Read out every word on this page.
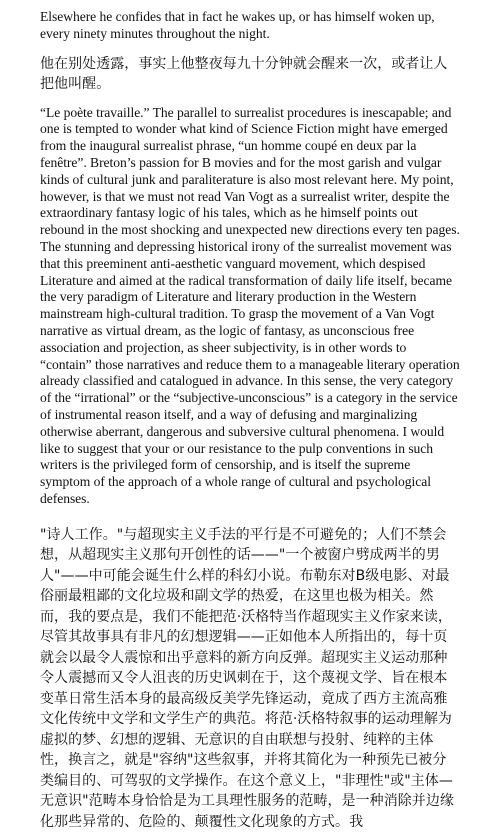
Elsewhere he confides that in fact he wakes up, or has himself woken up, every ninety minutes throughout the night.

他在别处透露，事实上他整夜每九十分钟就会醒来一次，或者让人把他叫醒。

“Le poète travaille.” The parallel to surrealist procedures is inescapable; and one is tempted to wonder what kind of Science Fiction might have emerged from the inaugural surrealist phrase, “un homme coupé en deux par la fenêtre”. Breton’s passion for B movies and for the most garish and vulgar kinds of cultural junk and paraliterature is also most relevant here. My point, however, is that we must not read Van Vogt as a surrealist writer, despite the extraordinary fantasy logic of his tales, which as he himself points out rebound in the most shocking and unexpected new directions every ten pages. The stunning and depressing historical irony of the surrealist movement was that this preeminent anti-aesthetic vanguard movement, which despised Literature and aimed at the radical transformation of daily life itself, became the very paradigm of Literature and literary production in the Western mainstream high-cultural tradition. To grasp the movement of a Van Vogt narrative as virtual dream, as the logic of fantasy, as unconscious free association and projection, as sheer subjectivity, is in other words to “contain” those narratives and reduce them to a manageable literary operation already classified and catalogued in advance. In this sense, the very category of the “irrational” or the “subjective-unconscious” is a category in the service of instrumental reason itself, and a way of defusing and marginalizing otherwise aberrant, dangerous and subversive cultural phenomena. I would like to suggest that your or our resistance to the pulp conventions in such writers is the privileged form of censorship, and is itself the supreme symptom of the approach of a whole range of cultural and psychological defenses.

"诗人工作。"与超现实主义手法的平行是不可避免的；人们不禁会想，从超现实主义那句开创性的话——"一个被窗户劈成两半的男人"——中可能会诞生什么样的科幻小说。布勒东对B级电影、对最俗丽最粗鄙的文化垃圾和副文学的热爱，在这里也极为相关。然而，我的要点是，我们不能把范·沃格特当作超现实主义作家来读，尽管其故事具有非凡的幻想逻辑——正如他本人所指出的，每十页就会以最令人震惊和出乎意料的新方向反弹。超现实主义运动那种令人震撼而又令人沮丧的历史讽刺在于，这个蔑视文学、旨在根本变革日常生活本身的最高级反美学先锋运动，竟成了西方主流高雅文化传统中文学和文学生产的典范。将范·沃格特叙事的运动理解为虚拟的梦、幻想的逻辑、无意识的自由联想与投射、纯粹的主体性，换言之，就是"容纳"这些叙事，并将其简化为一种预先已被分类编目的、可驾驭的文学操作。在这个意义上，"非理性"或"主体—无意识"范畴本身恰恰是为工具理性服务的范畴，是一种消除并边缘化那些异常的、危险的、颠覆性文化现象的方式。我
